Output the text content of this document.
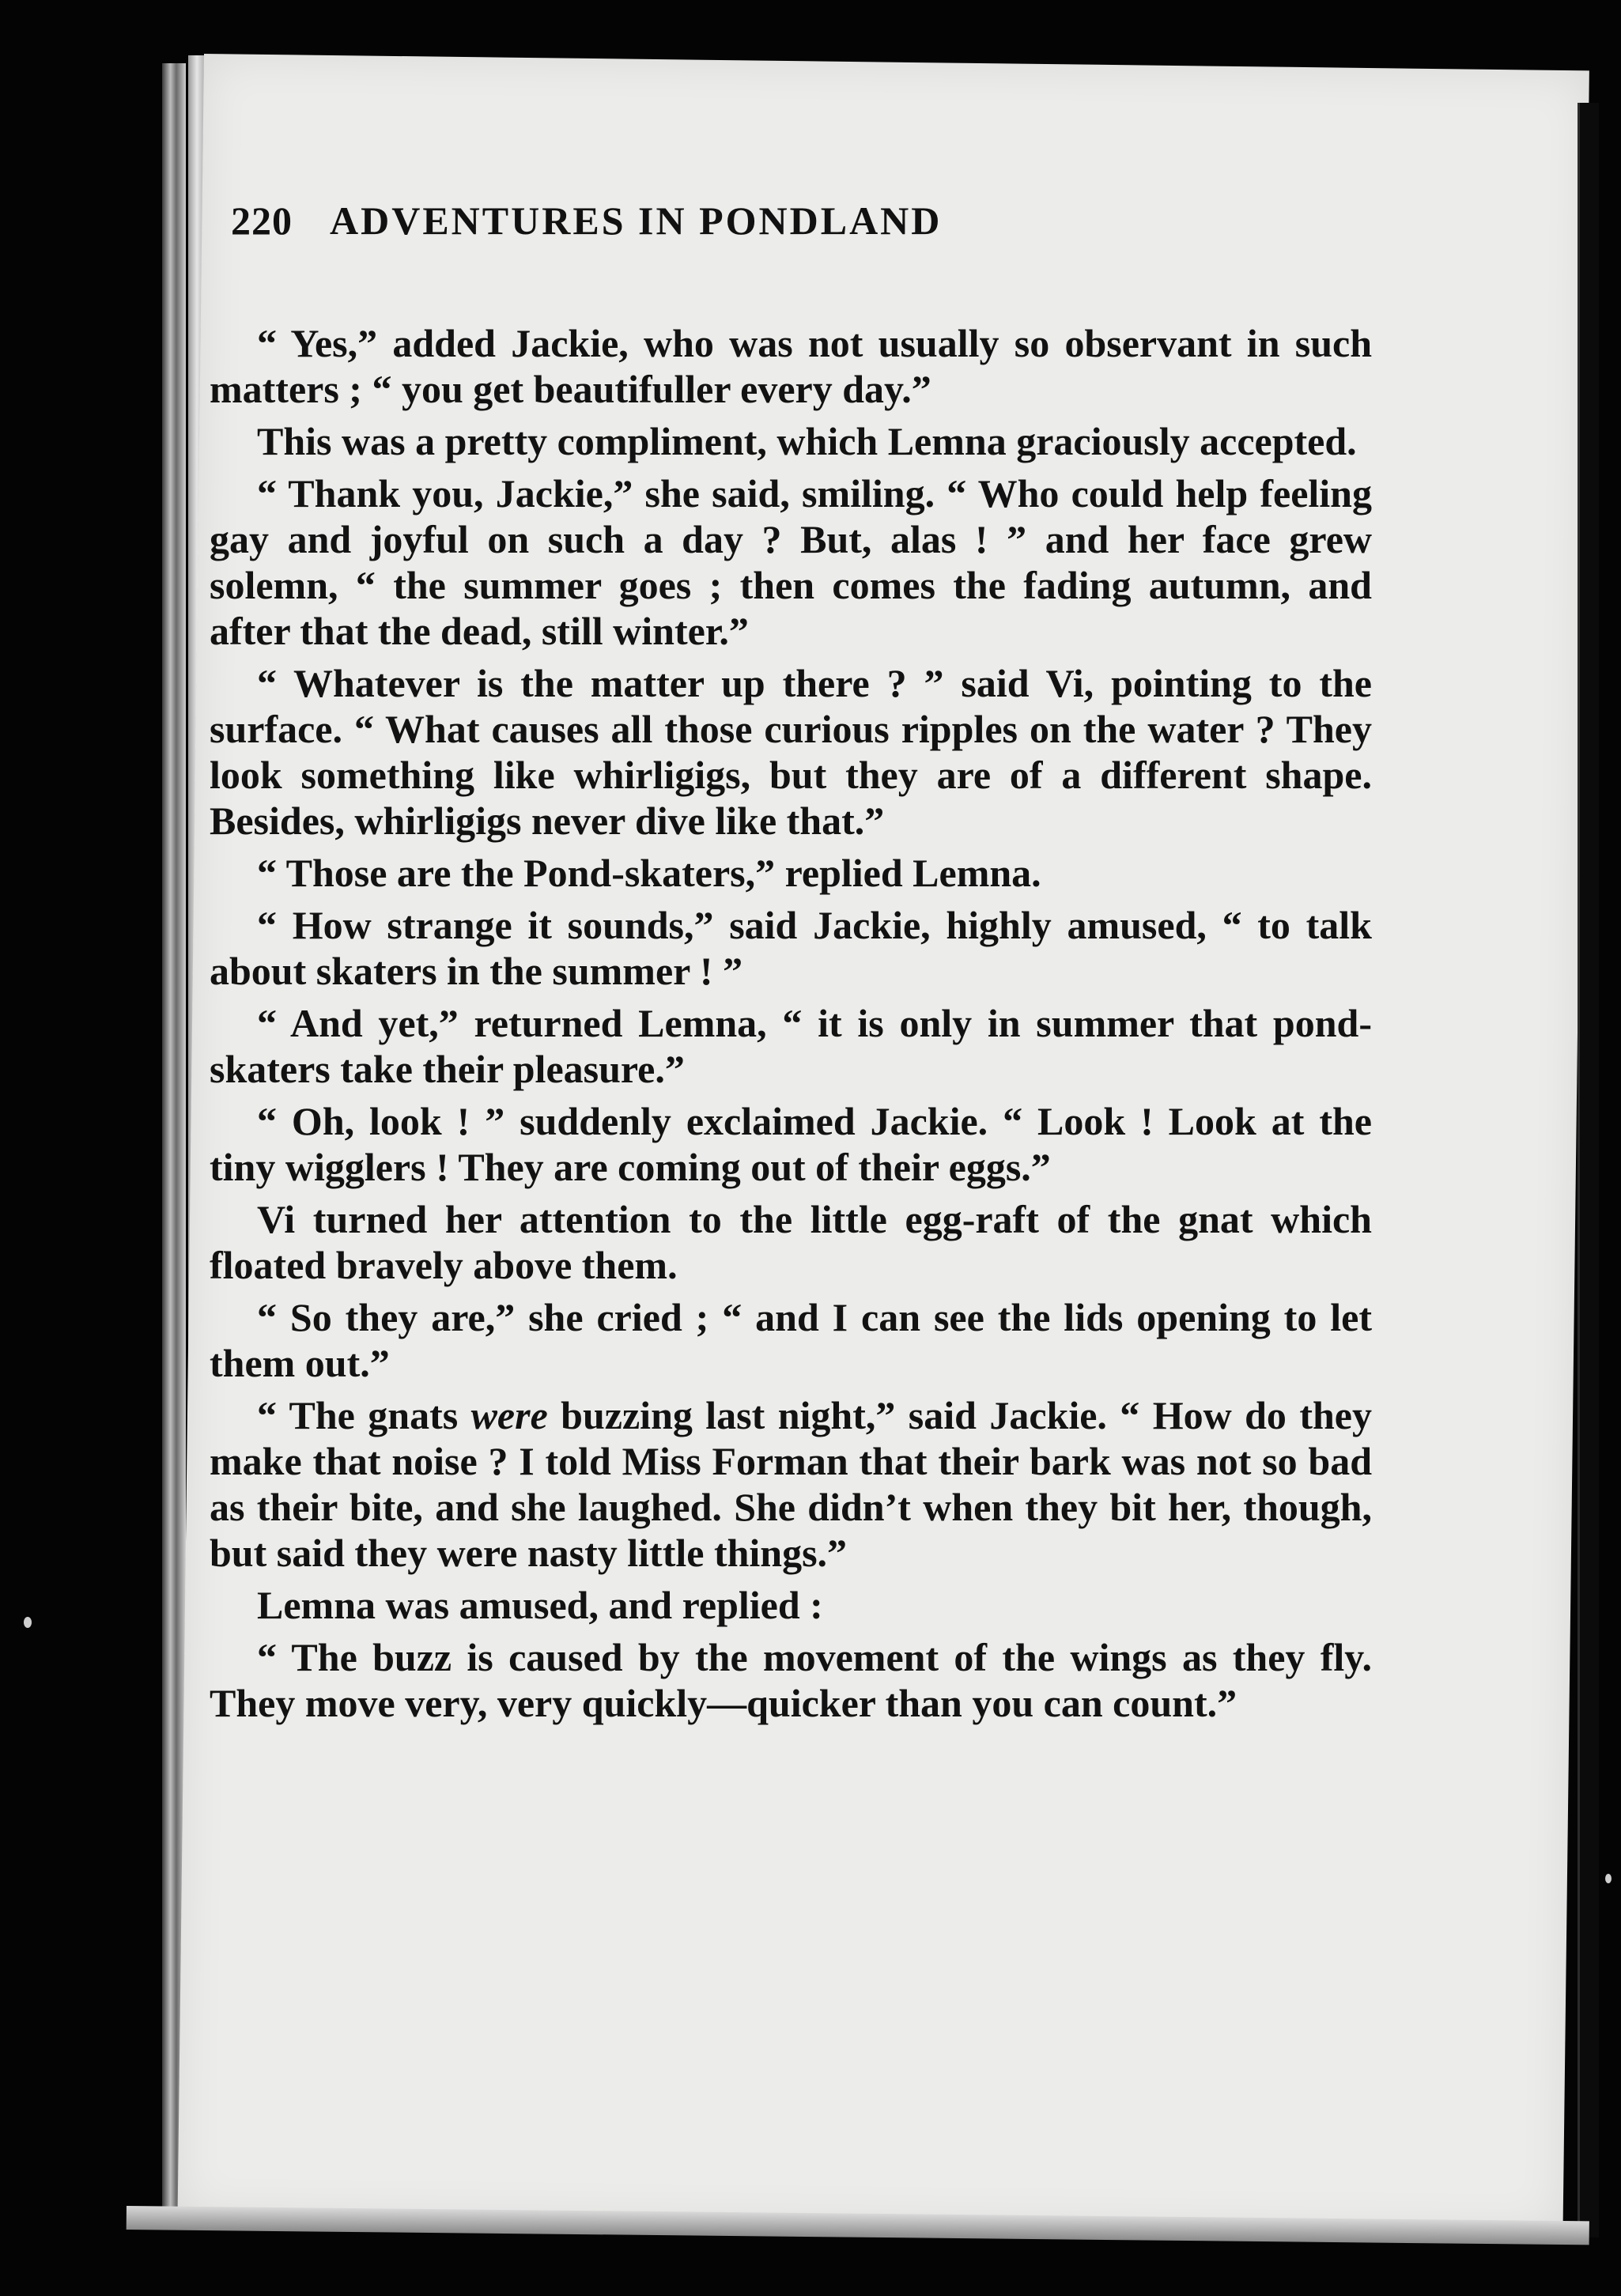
220 ADVENTURES IN PONDLAND

“ Yes,” added Jackie, who was not usually so observant in such matters ; “ you get beautifuller every day.”

This was a pretty compliment, which Lemna graciously accepted.

“ Thank you, Jackie,” she said, smiling. “ Who could help feeling gay and joyful on such a day ? But, alas ! ” and her face grew solemn, “ the summer goes ; then comes the fading autumn, and after that the dead, still winter.”

“ Whatever is the matter up there ? ” said Vi, pointing to the surface. “ What causes all those curious ripples on the water ? They look something like whirligigs, but they are of a different shape. Besides, whirligigs never dive like that.”

“ Those are the Pond-skaters,” replied Lemna.

“ How strange it sounds,” said Jackie, highly amused, “ to talk about skaters in the summer ! ”

“ And yet,” returned Lemna, “ it is only in summer that pond-skaters take their pleasure.”

“ Oh, look ! ” suddenly exclaimed Jackie. “ Look ! Look at the tiny wigglers ! They are coming out of their eggs.”

Vi turned her attention to the little egg-raft of the gnat which floated bravely above them.

“ So they are,” she cried ; “ and I can see the lids opening to let them out.”

“ The gnats were buzzing last night,” said Jackie. “ How do they make that noise ? I told Miss Forman that their bark was not so bad as their bite, and she laughed. She didn’t when they bit her, though, but said they were nasty little things.”

Lemna was amused, and replied :

“ The buzz is caused by the movement of the wings as they fly. They move very, very quickly—quicker than you can count.”
